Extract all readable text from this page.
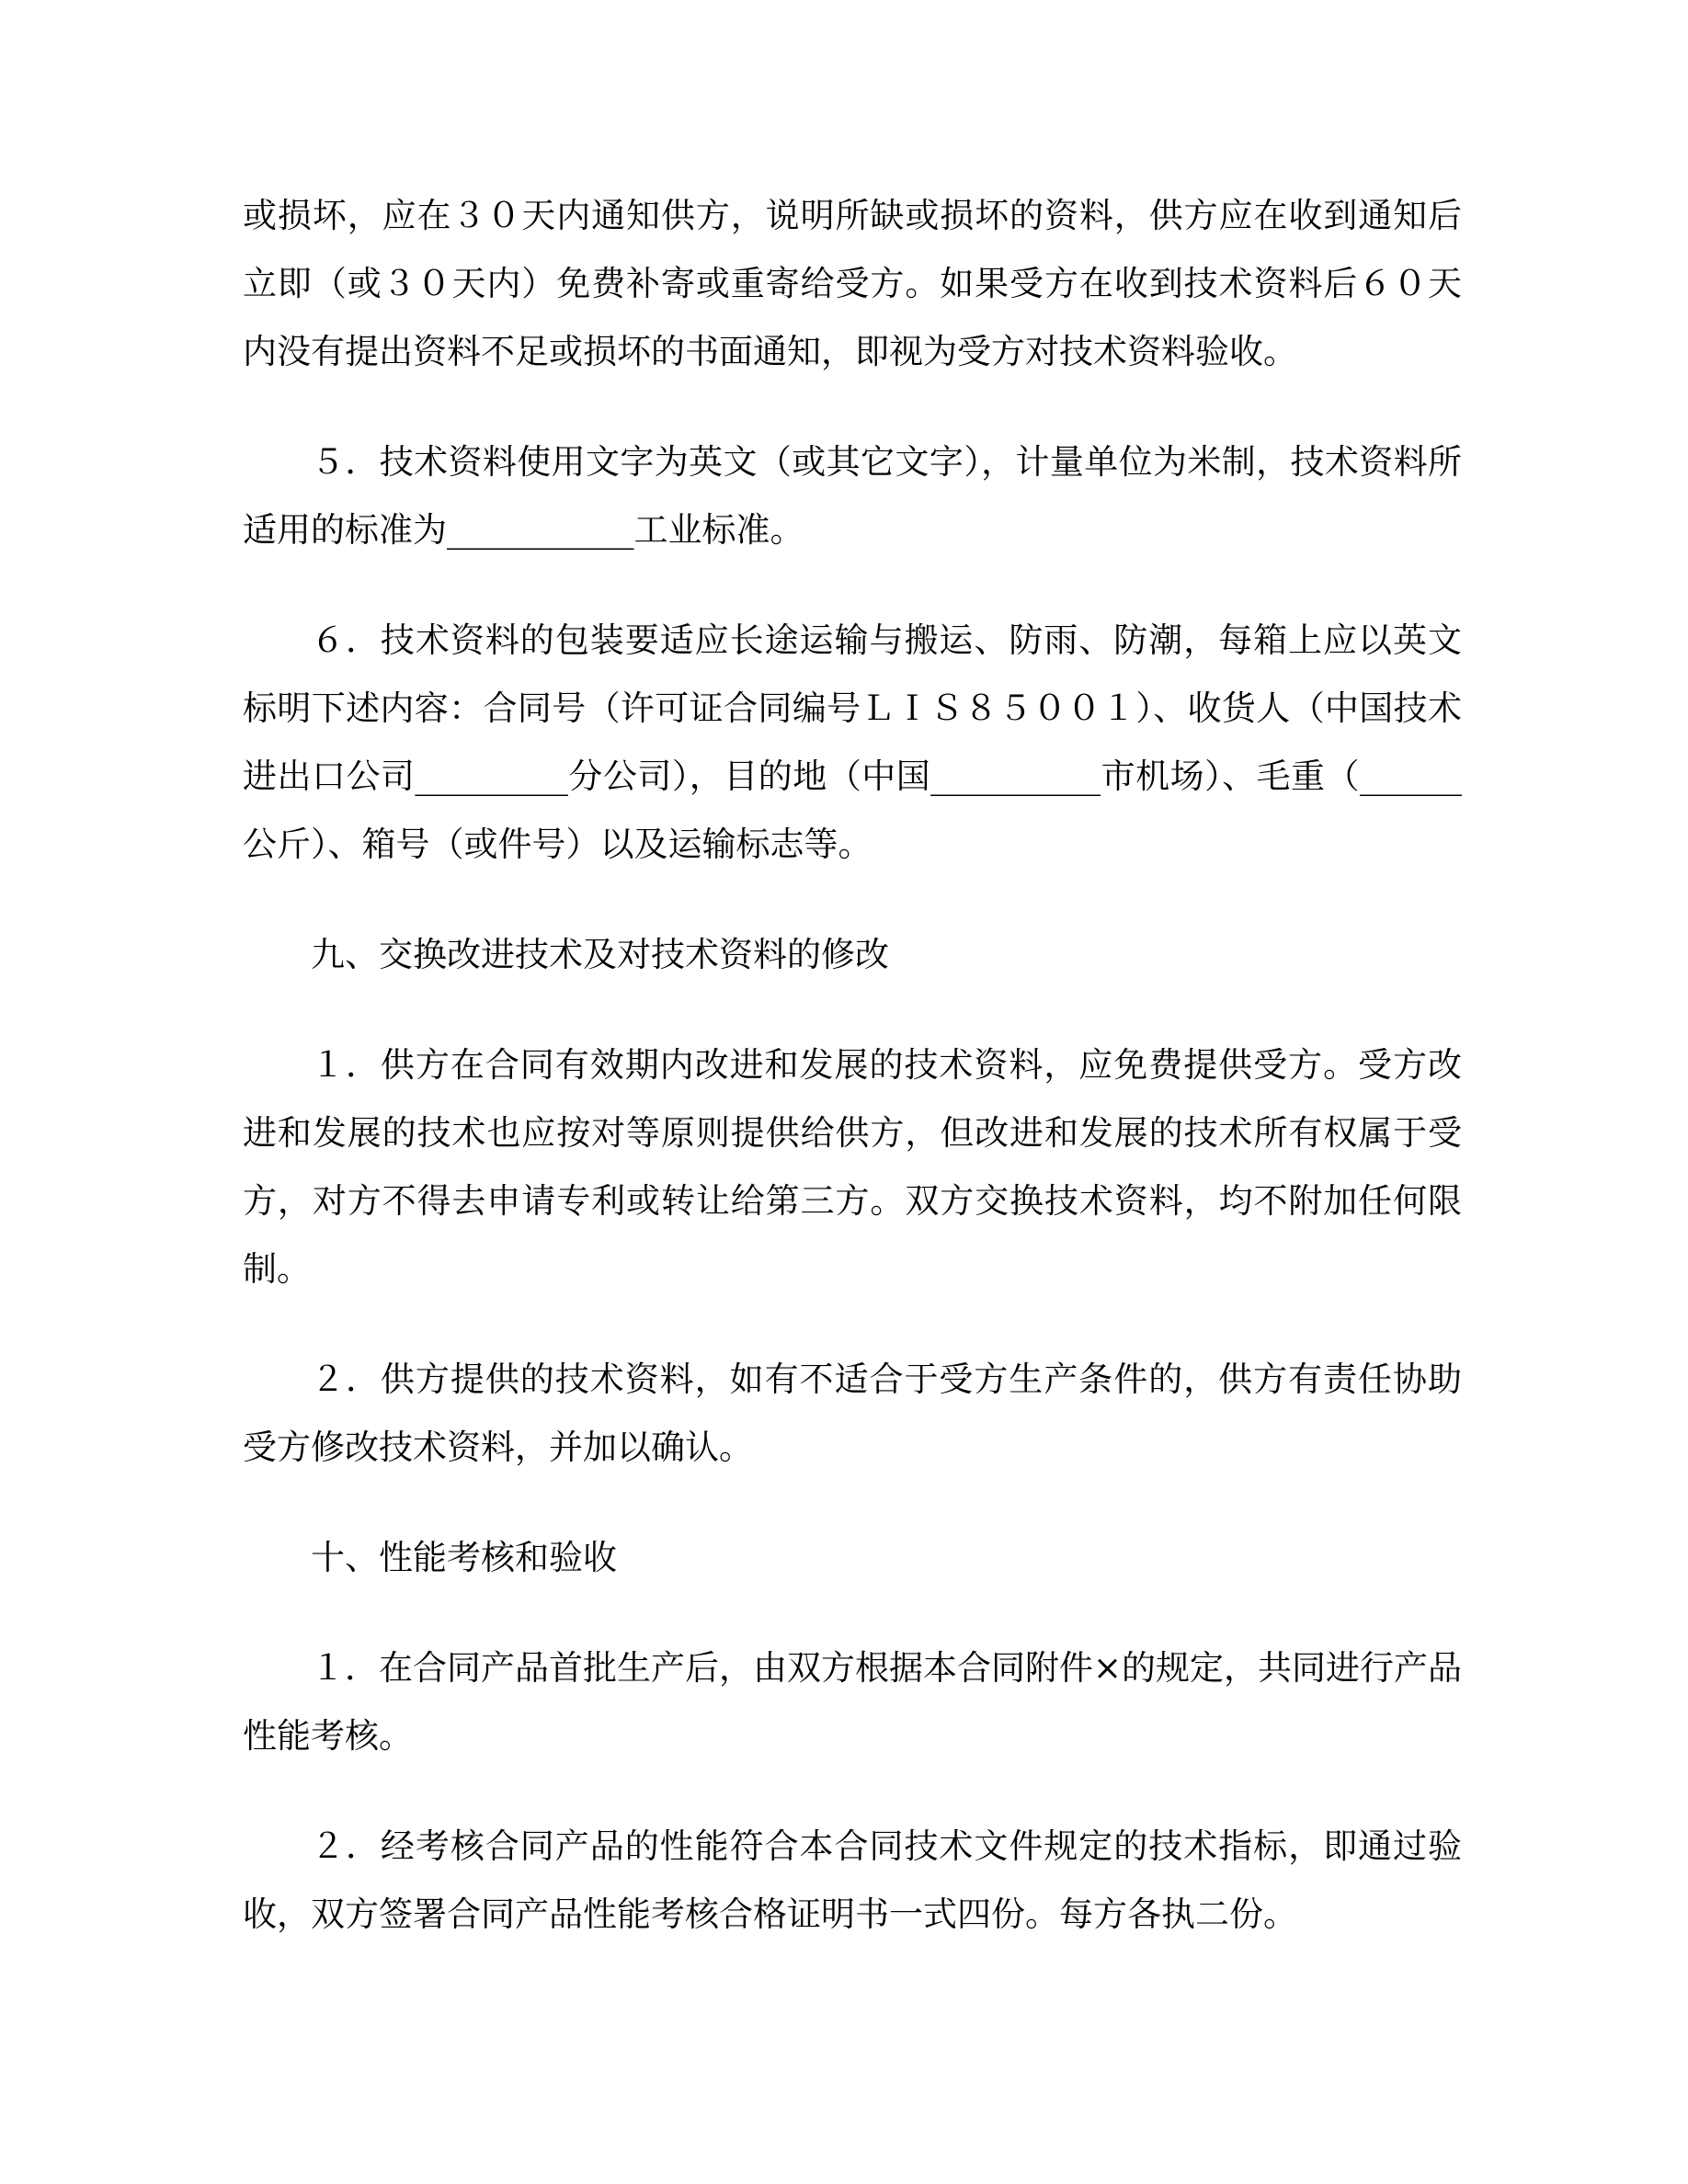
或损坏，应在３０天内通知供方，说明所缺或损坏的资料，供方应在收到通知后立即（或３０天内）免费补寄或重寄给受方。如果受方在收到技术资料后６０天内没有提出资料不足或损坏的书面通知，即视为受方对技术资料验收。

５．技术资料使用文字为英文（或其它文字），计量单位为米制，技术资料所适用的标准为___________工业标准。

６．技术资料的包装要适应长途运输与搬运、防雨、防潮，每箱上应以英文标明下述内容：合同号（许可证合同编号ＬＩＳ８５００１）、收货人（中国技术进出口公司_________分公司），目的地（中国__________市机场）、毛重（______公斤）、箱号（或件号）以及运输标志等。

九、交换改进技术及对技术资料的修改

１．供方在合同有效期内改进和发展的技术资料，应免费提供受方。受方改进和发展的技术也应按对等原则提供给供方，但改进和发展的技术所有权属于受方，对方不得去申请专利或转让给第三方。双方交换技术资料，均不附加任何限制。

２．供方提供的技术资料，如有不适合于受方生产条件的，供方有责任协助受方修改技术资料，并加以确认。

十、性能考核和验收

１．在合同产品首批生产后，由双方根据本合同附件×的规定，共同进行产品性能考核。

２．经考核合同产品的性能符合本合同技术文件规定的技术指标，即通过验收，双方签署合同产品性能考核合格证明书一式四份。每方各执二份。
